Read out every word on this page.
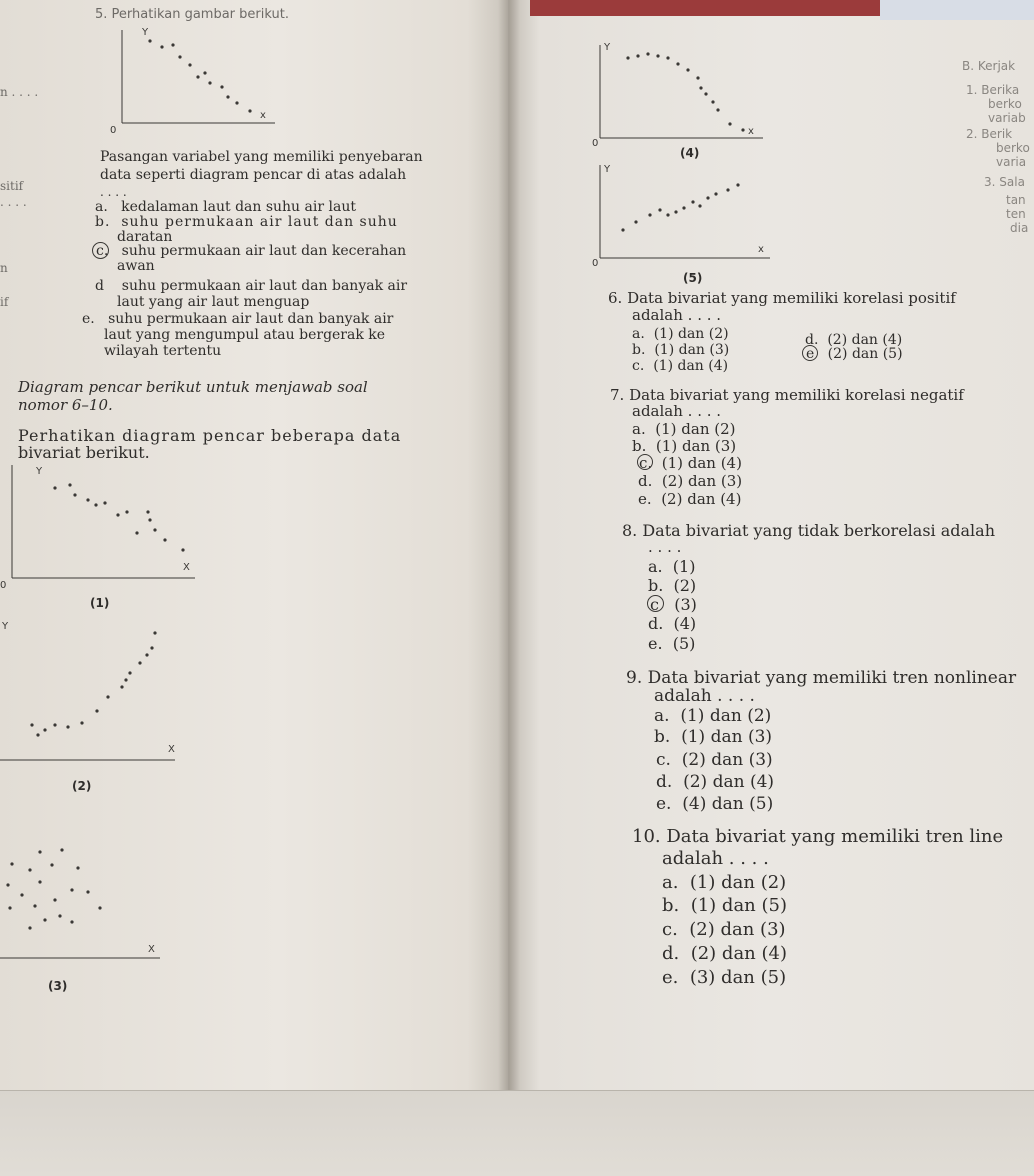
5. Perhatikan gambar berikut.
n . . . .
sitif
. . . .
n
if
Y
x
0
Pasangan variabel yang memiliki penyebaran
data seperti diagram pencar di atas adalah
. . . .
a. kedalaman laut dan suhu air laut
b. suhu permukaan air laut dan suhu
daratan
c. suhu permukaan air laut dan kecerahan
awan
d suhu permukaan air laut dan banyak air
laut yang air laut menguap
e. suhu permukaan air laut dan banyak air
laut yang mengumpul atau bergerak ke
wilayah tertentu
Diagram pencar berikut untuk menjawab soal
nomor 6–10.
Perhatikan diagram pencar beberapa data
bivariat berikut.
Y
X
0
(1)
Y
X
(2)
X
(3)
Y
x
0
(4)
Y
x
0
(5)
6. Data bivariat yang memiliki korelasi positif
adalah . . . .
a. (1) dan (2)
b. (1) dan (3)
c. (1) dan (4)
d. (2) dan (4)
e (2) dan (5)
7. Data bivariat yang memiliki korelasi negatif
adalah . . . .
a. (1) dan (2)
b. (1) dan (3)
c. (1) dan (4)
d. (2) dan (3)
e. (2) dan (4)
8. Data bivariat yang tidak berkorelasi adalah
. . . .
a. (1)
b. (2)
c (3)
d. (4)
e. (5)
9. Data bivariat yang memiliki tren nonlinear
adalah . . . .
a. (1) dan (2)
b. (1) dan (3)
c. (2) dan (3)
d. (2) dan (4)
e. (4) dan (5)
10. Data bivariat yang memiliki tren line
adalah . . . .
a. (1) dan (2)
b. (1) dan (5)
c. (2) dan (3)
d. (2) dan (4)
e. (3) dan (5)
B. Kerjak
1. Berika
berko
variab
2. Berik
berko
varia
3. Sala
tan
ten
dia
